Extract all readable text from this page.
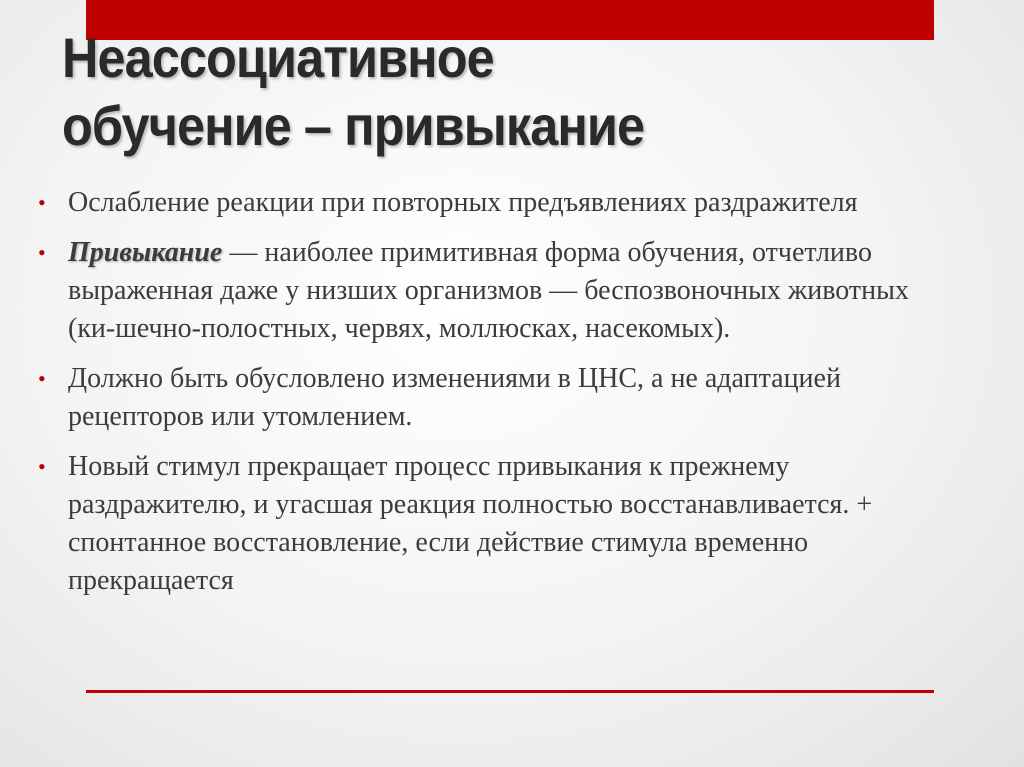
Неассоциативное
обучение – привыкание
• Ослабление реакции при повторных предъявлениях раздражителя
• Привыкание — наиболее примитивная форма обучения, отчетливо выраженная даже у низших организмов — беспозвоночных животных (ки-шечно-полостных, червях, моллюсках, насекомых).
• Должно быть обусловлено изменениями в ЦНС, а не адаптацией рецепторов или утомлением.
• Новый стимул прекращает процесс привыкания к прежнему раздражителю, и угасшая реакция полностью восстанавливается. + спонтанное восстановление, если действие стимула временно прекращается
